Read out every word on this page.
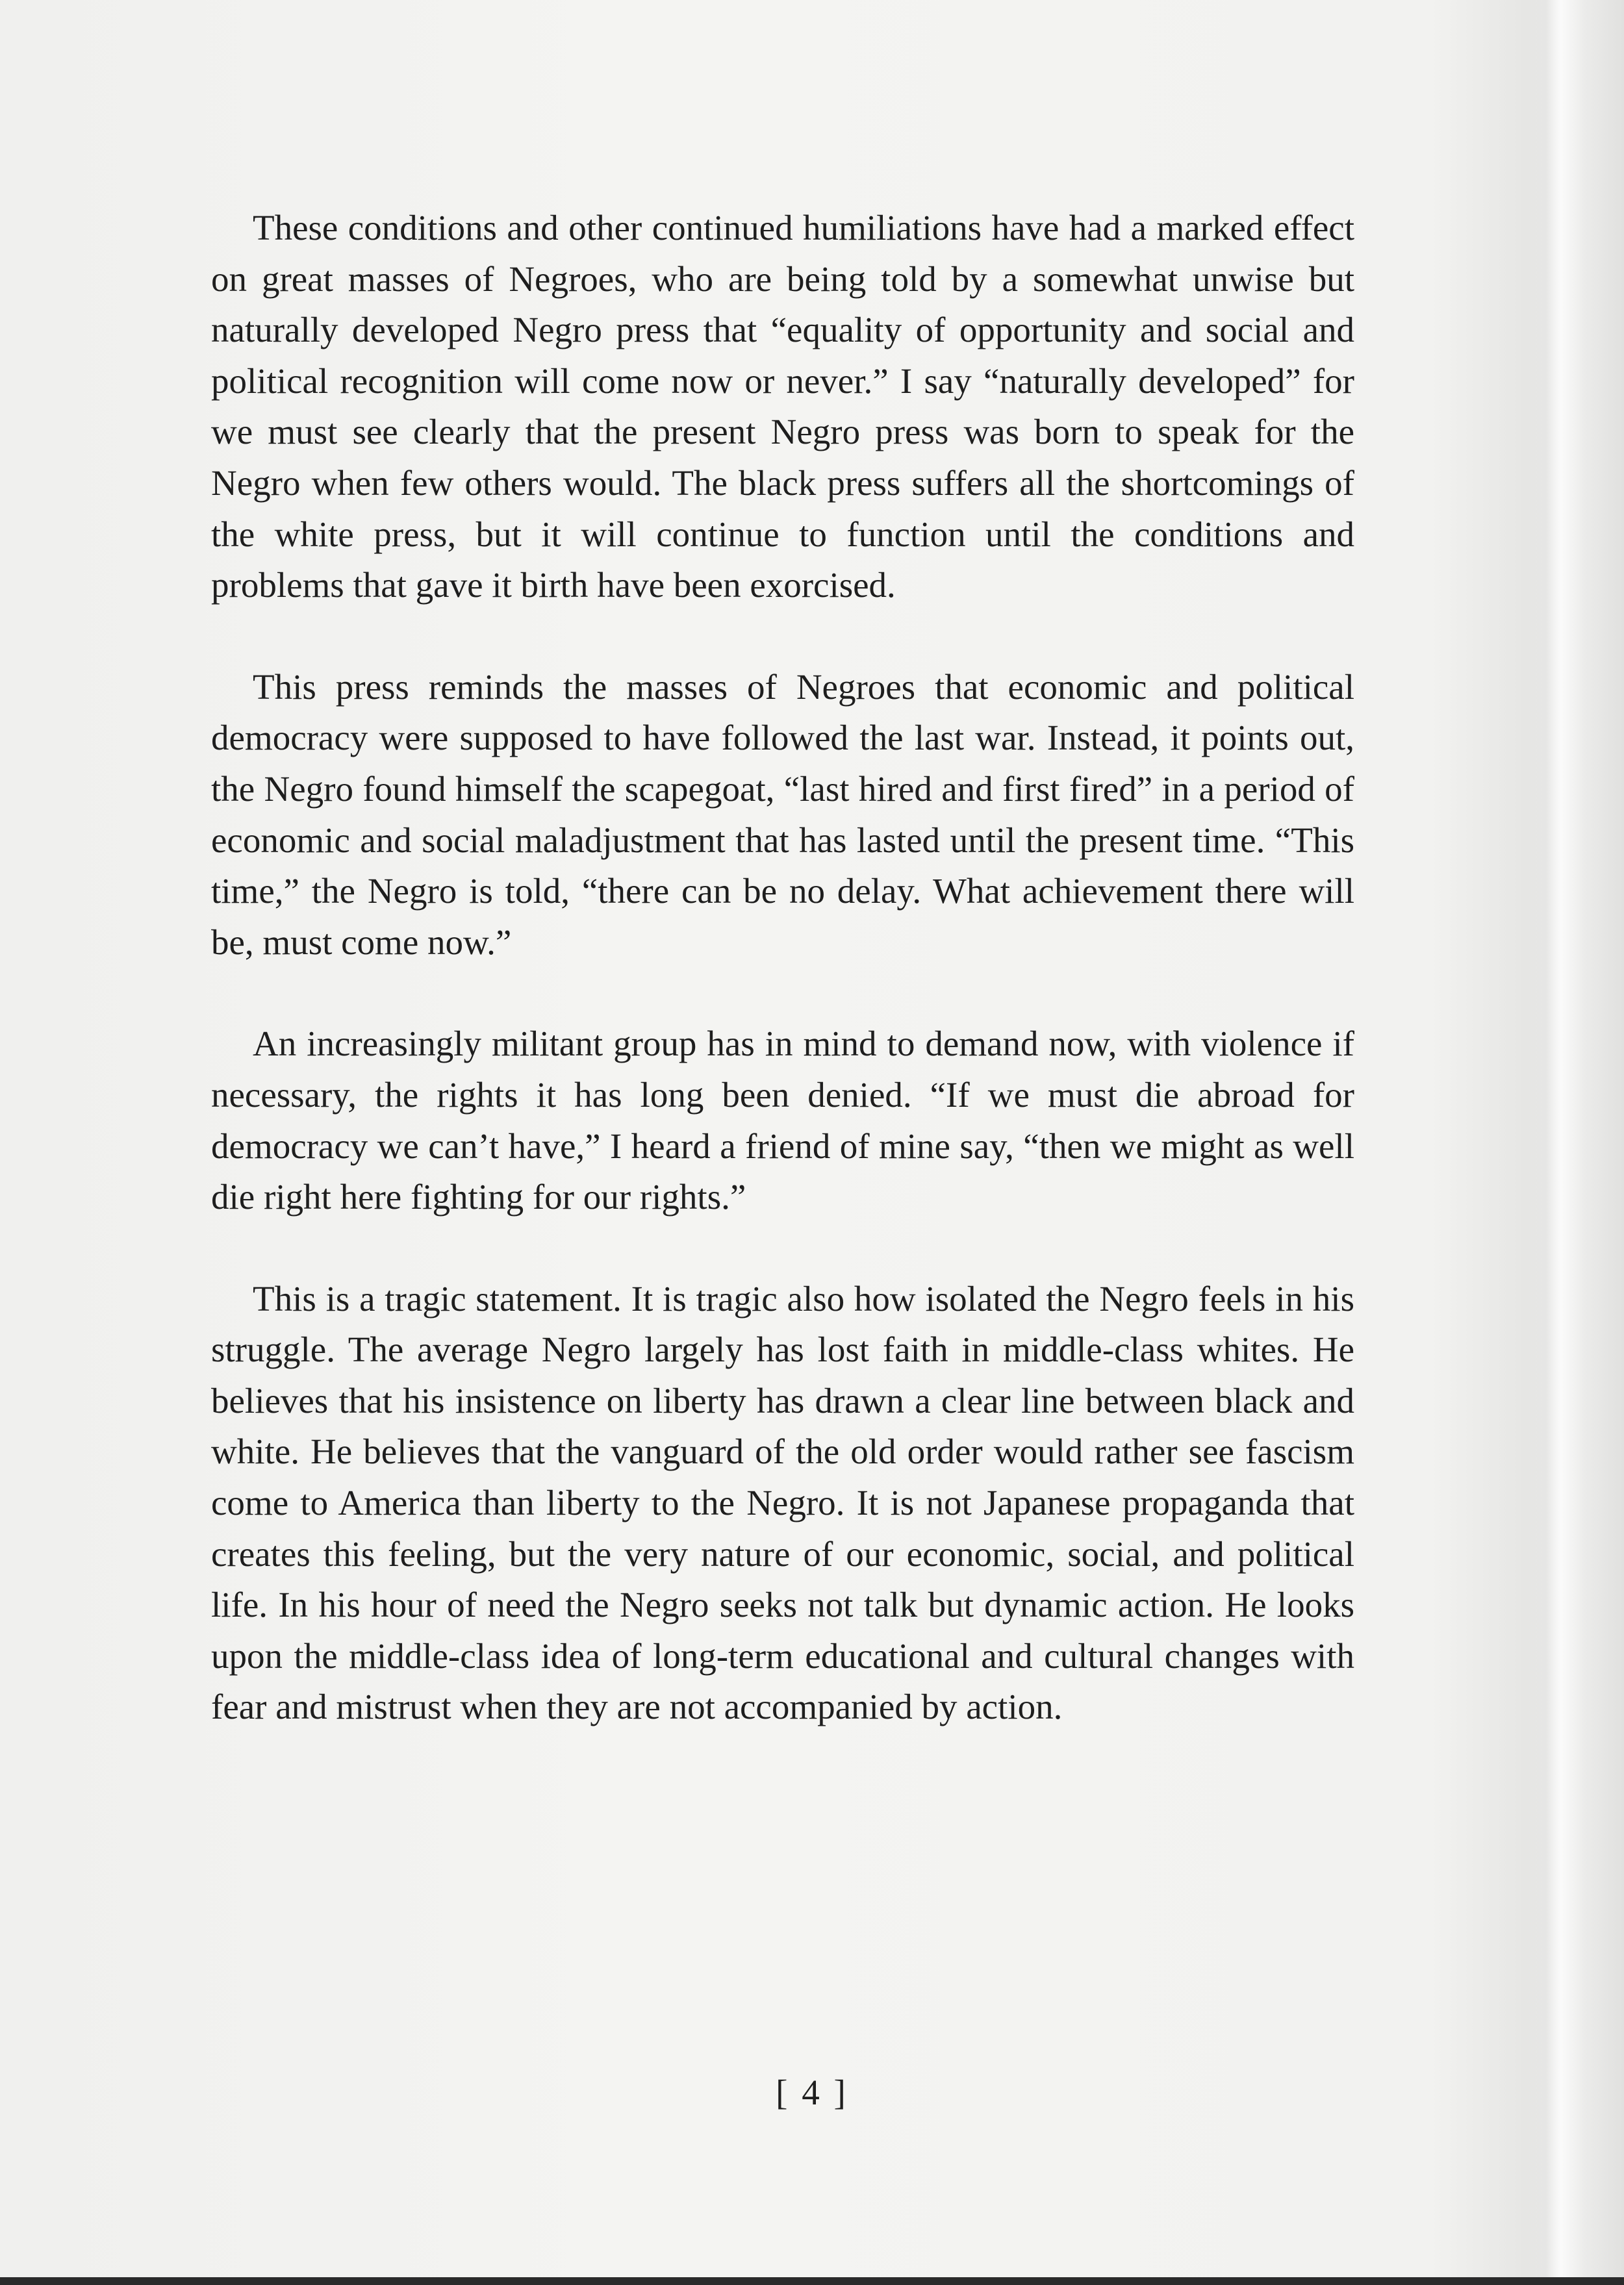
These conditions and other continued humiliations have had a marked effect on great masses of Negroes, who are being told by a somewhat unwise but naturally developed Negro press that “equality of opportunity and social and political recognition will come now or never.” I say “naturally developed” for we must see clearly that the present Negro press was born to speak for the Negro when few others would. The black press suffers all the shortcomings of the white press, but it will continue to function until the conditions and problems that gave it birth have been exorcised.

This press reminds the masses of Negroes that economic and political democracy were supposed to have followed the last war. Instead, it points out, the Negro found himself the scapegoat, “last hired and first fired” in a period of economic and social maladjustment that has lasted until the present time. “This time,” the Negro is told, “there can be no delay. What achievement there will be, must come now.”

An increasingly militant group has in mind to demand now, with violence if necessary, the rights it has long been denied. “If we must die abroad for democracy we can’t have,” I heard a friend of mine say, “then we might as well die right here fighting for our rights.”

This is a tragic statement. It is tragic also how isolated the Negro feels in his struggle. The average Negro largely has lost faith in middle-class whites. He believes that his insistence on liberty has drawn a clear line between black and white. He believes that the vanguard of the old order would rather see fascism come to America than liberty to the Negro. It is not Japanese propaganda that creates this feeling, but the very nature of our economic, social, and political life. In his hour of need the Negro seeks not talk but dynamic action. He looks upon the middle-class idea of long-term educational and cultural changes with fear and mistrust when they are not accompanied by action.

[ 4 ]
